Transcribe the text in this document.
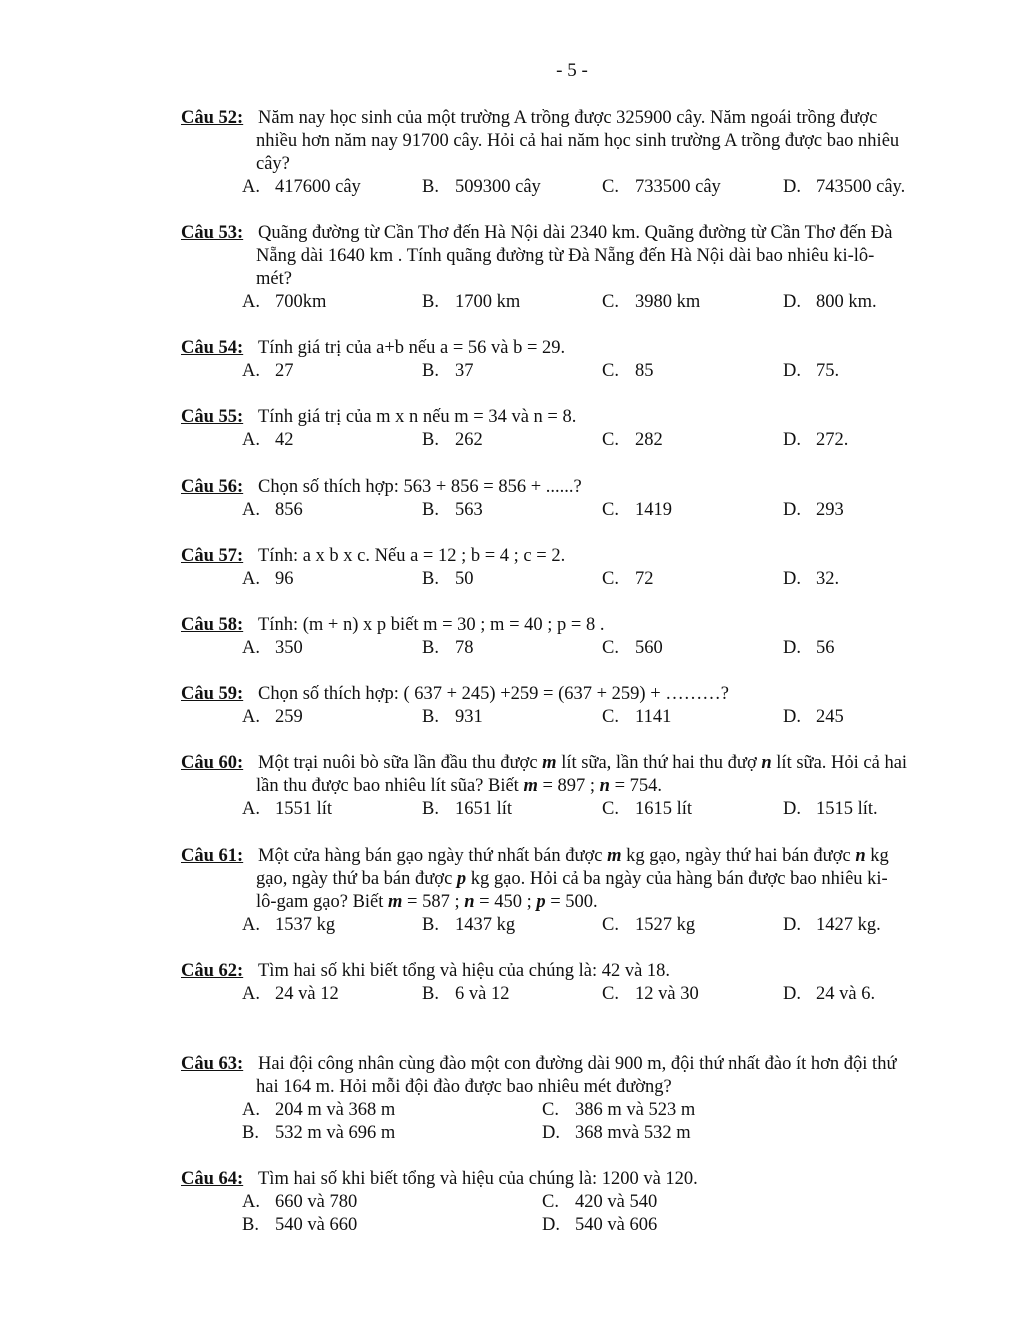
- 5 -
Câu 52: Năm nay học sinh của một trường A trồng được 325900 cây. Năm ngoái trồng được
nhiều hơn năm nay 91700 cây. Hỏi cả hai năm học sinh trường A trồng được bao nhiêu
cây?
A. 417600 cây	B. 509300 cây	C. 733500 cây	D. 743500 cây.
Câu 53: Quãng đường từ Cần Thơ đến Hà Nội dài 2340 km. Quãng đường từ Cần Thơ đến Đà
Nẵng dài 1640 km . Tính quãng đường từ Đà Nẵng đến Hà Nội dài bao nhiêu ki-lô-
mét?
A. 700km	B. 1700 km	C. 3980 km	D. 800 km.
Câu 54: Tính giá trị của a+b nếu a = 56 và b = 29.
A. 27	B. 37	C. 85	D. 75.
Câu 55: Tính giá trị của m x n nếu m = 34 và n = 8.
A. 42	B. 262	C. 282	D. 272.
Câu 56: Chọn số thích hợp: 563 + 856 = 856 + ......?
A. 856	B. 563	C. 1419	D. 293
Câu 57: Tính: a x b x c. Nếu a = 12 ; b = 4 ; c = 2.
A. 96	B. 50	C. 72	D. 32.
Câu 58: Tính: (m + n) x p biết m = 30 ; m = 40 ; p = 8 .
A. 350	B. 78	C. 560	D. 56
Câu 59: Chọn số thích hợp: ( 637 + 245) +259 = (637 + 259) + ………?
A. 259	B. 931	C. 1141	D. 245
Câu 60: Một trại nuôi bò sữa lần đầu thu được m lít sữa, lần thứ hai thu đượ n lít sữa. Hỏi cả hai
lần thu được bao nhiêu lít sũa? Biết m = 897 ; n = 754.
A. 1551 lít	B. 1651 lít	C. 1615 lít	D. 1515 lít.
Câu 61: Một cửa hàng bán gạo ngày thứ nhất bán được m kg gạo, ngày thứ hai bán được n kg
gạo, ngày thứ ba bán được p kg gạo. Hỏi cả ba ngày của hàng bán được bao nhiêu ki-
lô-gam gạo? Biết m = 587 ; n = 450 ; p = 500.
A. 1537 kg	B. 1437 kg	C. 1527 kg	D. 1427 kg.
Câu 62: Tìm hai số khi biết tổng và hiệu của chúng là: 42 và 18.
A. 24 và 12	B. 6 và 12	C. 12 và 30	D. 24 và 6.
Câu 63: Hai đội công nhân cùng đào một con đường dài 900 m, đội thứ nhất đào ít hơn đội thứ
hai 164 m. Hỏi mỗi đội đào được bao nhiêu mét đường?
A. 204 m và 368 m	C. 386 m và 523 m
B. 532 m và 696 m	D. 368 mvà 532 m
Câu 64: Tìm hai số khi biết tổng và hiệu của chúng là: 1200 và 120.
A. 660 và 780	C. 420 và 540
B. 540 và 660	D. 540 và 606
